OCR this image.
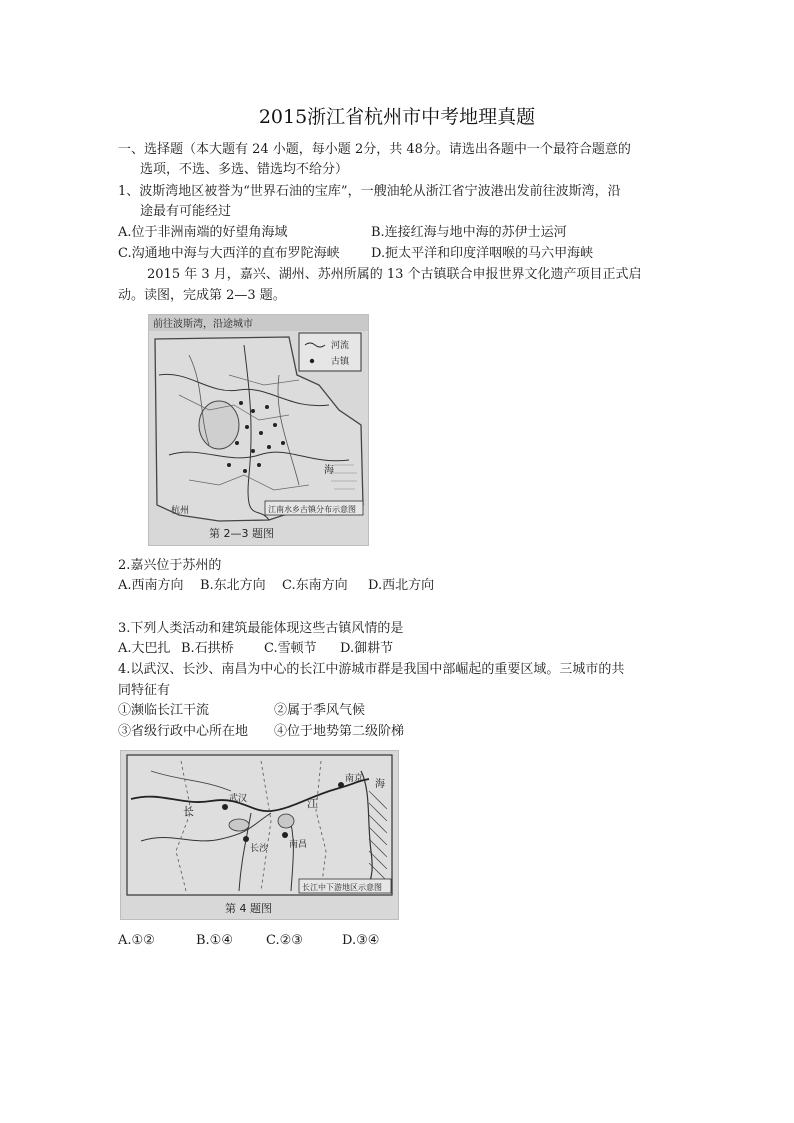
2015浙江省杭州市中考地理真题
一、选择题（本大题有 24 小题，每小题 2分，共 48分。请选出各题中一个最符合题意的
选项，不选、多选、错选均不给分）
1、波斯湾地区被誉为“世界石油的宝库”，一艘油轮从浙江省宁波港出发前往波斯湾，沿
途最有可能经过
A.位于非洲南端的好望角海域	B.连接红海与地中海的苏伊士运河
C.沟通地中海与大西洋的直布罗陀海峡 D.扼太平洋和印度洋咽喉的马六甲海峡
2015 年 3 月，嘉兴、湖州、苏州所属的 13 个古镇联合申报世界文化遗产项目正式启
动。读图，完成第 2—3 题。
前往波斯湾，沿途城市
河流
古镇
海
杭州	江南水乡古镇分布示意图
第 2—3 题图
2.嘉兴位于苏州的
A.西南方向 B.东北方向 C.东南方向 D.西北方向
3.下列人类活动和建筑最能体现这些古镇风情的是
A.大巴扎 B.石拱桥 C.雪顿节 D.御耕节
4.以武汉、长沙、南昌为中心的长江中游城市群是我国中部崛起的重要区域。三城市的共
同特征有
①濒临长江干流	②属于季风气候
③省级行政中心所在地 ④位于地势第二级阶梯
海
武汉
长沙 南昌
南京
长
江
长江中下游地区示意图
第 4 题图
A.①②	B.①④	C.②③	D.③④
